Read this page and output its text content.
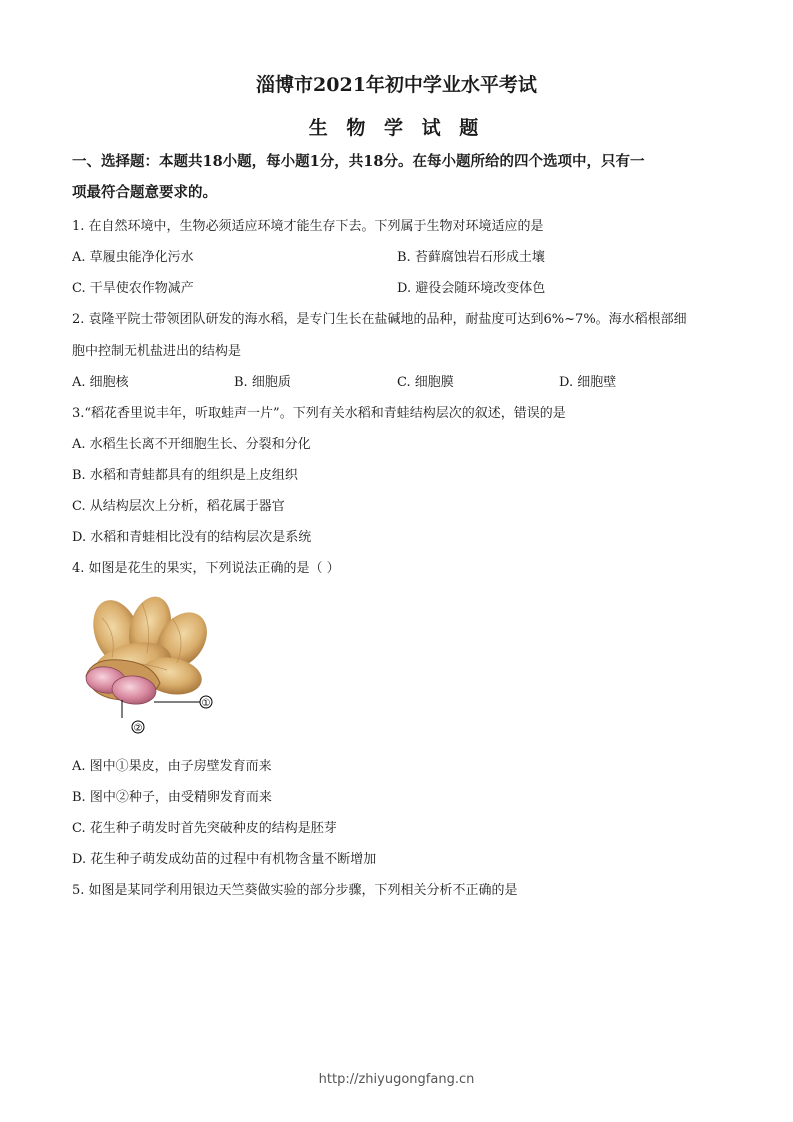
淄博市2021年初中学业水平考试
生 物 学 试 题
一、选择题：本题共18小题，每小题1分，共18分。在每小题所给的四个选项中，只有一
项最符合题意要求的。
1. 在自然环境中，生物必须适应环境才能生存下去。下列属于生物对环境适应的是
A. 草履虫能净化污水	B. 苔藓腐蚀岩石形成土壤
C. 干旱使农作物减产	D. 避役会随环境改变体色
2. 袁隆平院士带领团队研发的海水稻，是专门生长在盐碱地的品种，耐盐度可达到6%~7%。海水稻根部细
胞中控制无机盐进出的结构是
A. 细胞核	B. 细胞质	C. 细胞膜	D. 细胞壁
3.“稻花香里说丰年，听取蛙声一片”。下列有关水稻和青蛙结构层次的叙述，错误的是
A. 水稻生长离不开细胞生长、分裂和分化
B. 水稻和青蛙都具有的组织是上皮组织
C. 从结构层次上分析，稻花属于器官
D. 水稻和青蛙相比没有的结构层次是系统
4. 如图是花生的果实，下列说法正确的是（ ）
①
②
A. 图中①果皮，由子房壁发育而来
B. 图中②种子，由受精卵发育而来
C. 花生种子萌发时首先突破种皮的结构是胚芽
D. 花生种子萌发成幼苗的过程中有机物含量不断增加
5. 如图是某同学利用银边天竺葵做实验的部分步骤，下列相关分析不正确的是
http://zhiyugongfang.cn
